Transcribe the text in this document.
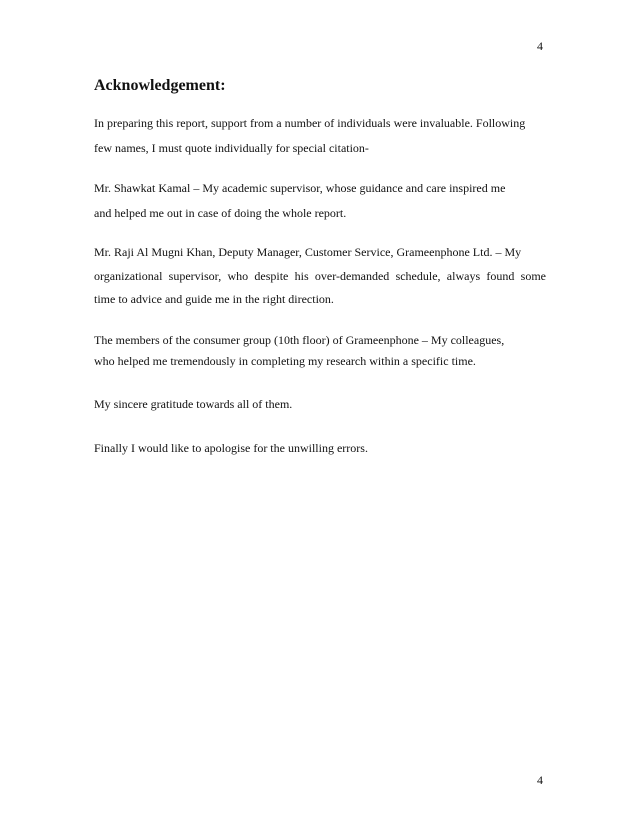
4
Acknowledgement:
In preparing this report, support from a number of individuals were invaluable. Following
few names, I must quote individually for special citation-
Mr. Shawkat Kamal – My academic supervisor, whose guidance and care inspired me
and helped me out in case of doing the whole report.
Mr. Raji Al Mugni Khan, Deputy Manager, Customer Service, Grameenphone Ltd. – My
organizational supervisor, who despite his over-demanded schedule, always found some
time to advice and guide me in the right direction.
The members of the consumer group (10th floor) of Grameenphone – My colleagues,
who helped me tremendously in completing my research within a specific time.
My sincere gratitude towards all of them.
Finally I would like to apologise for the unwilling errors.
4
